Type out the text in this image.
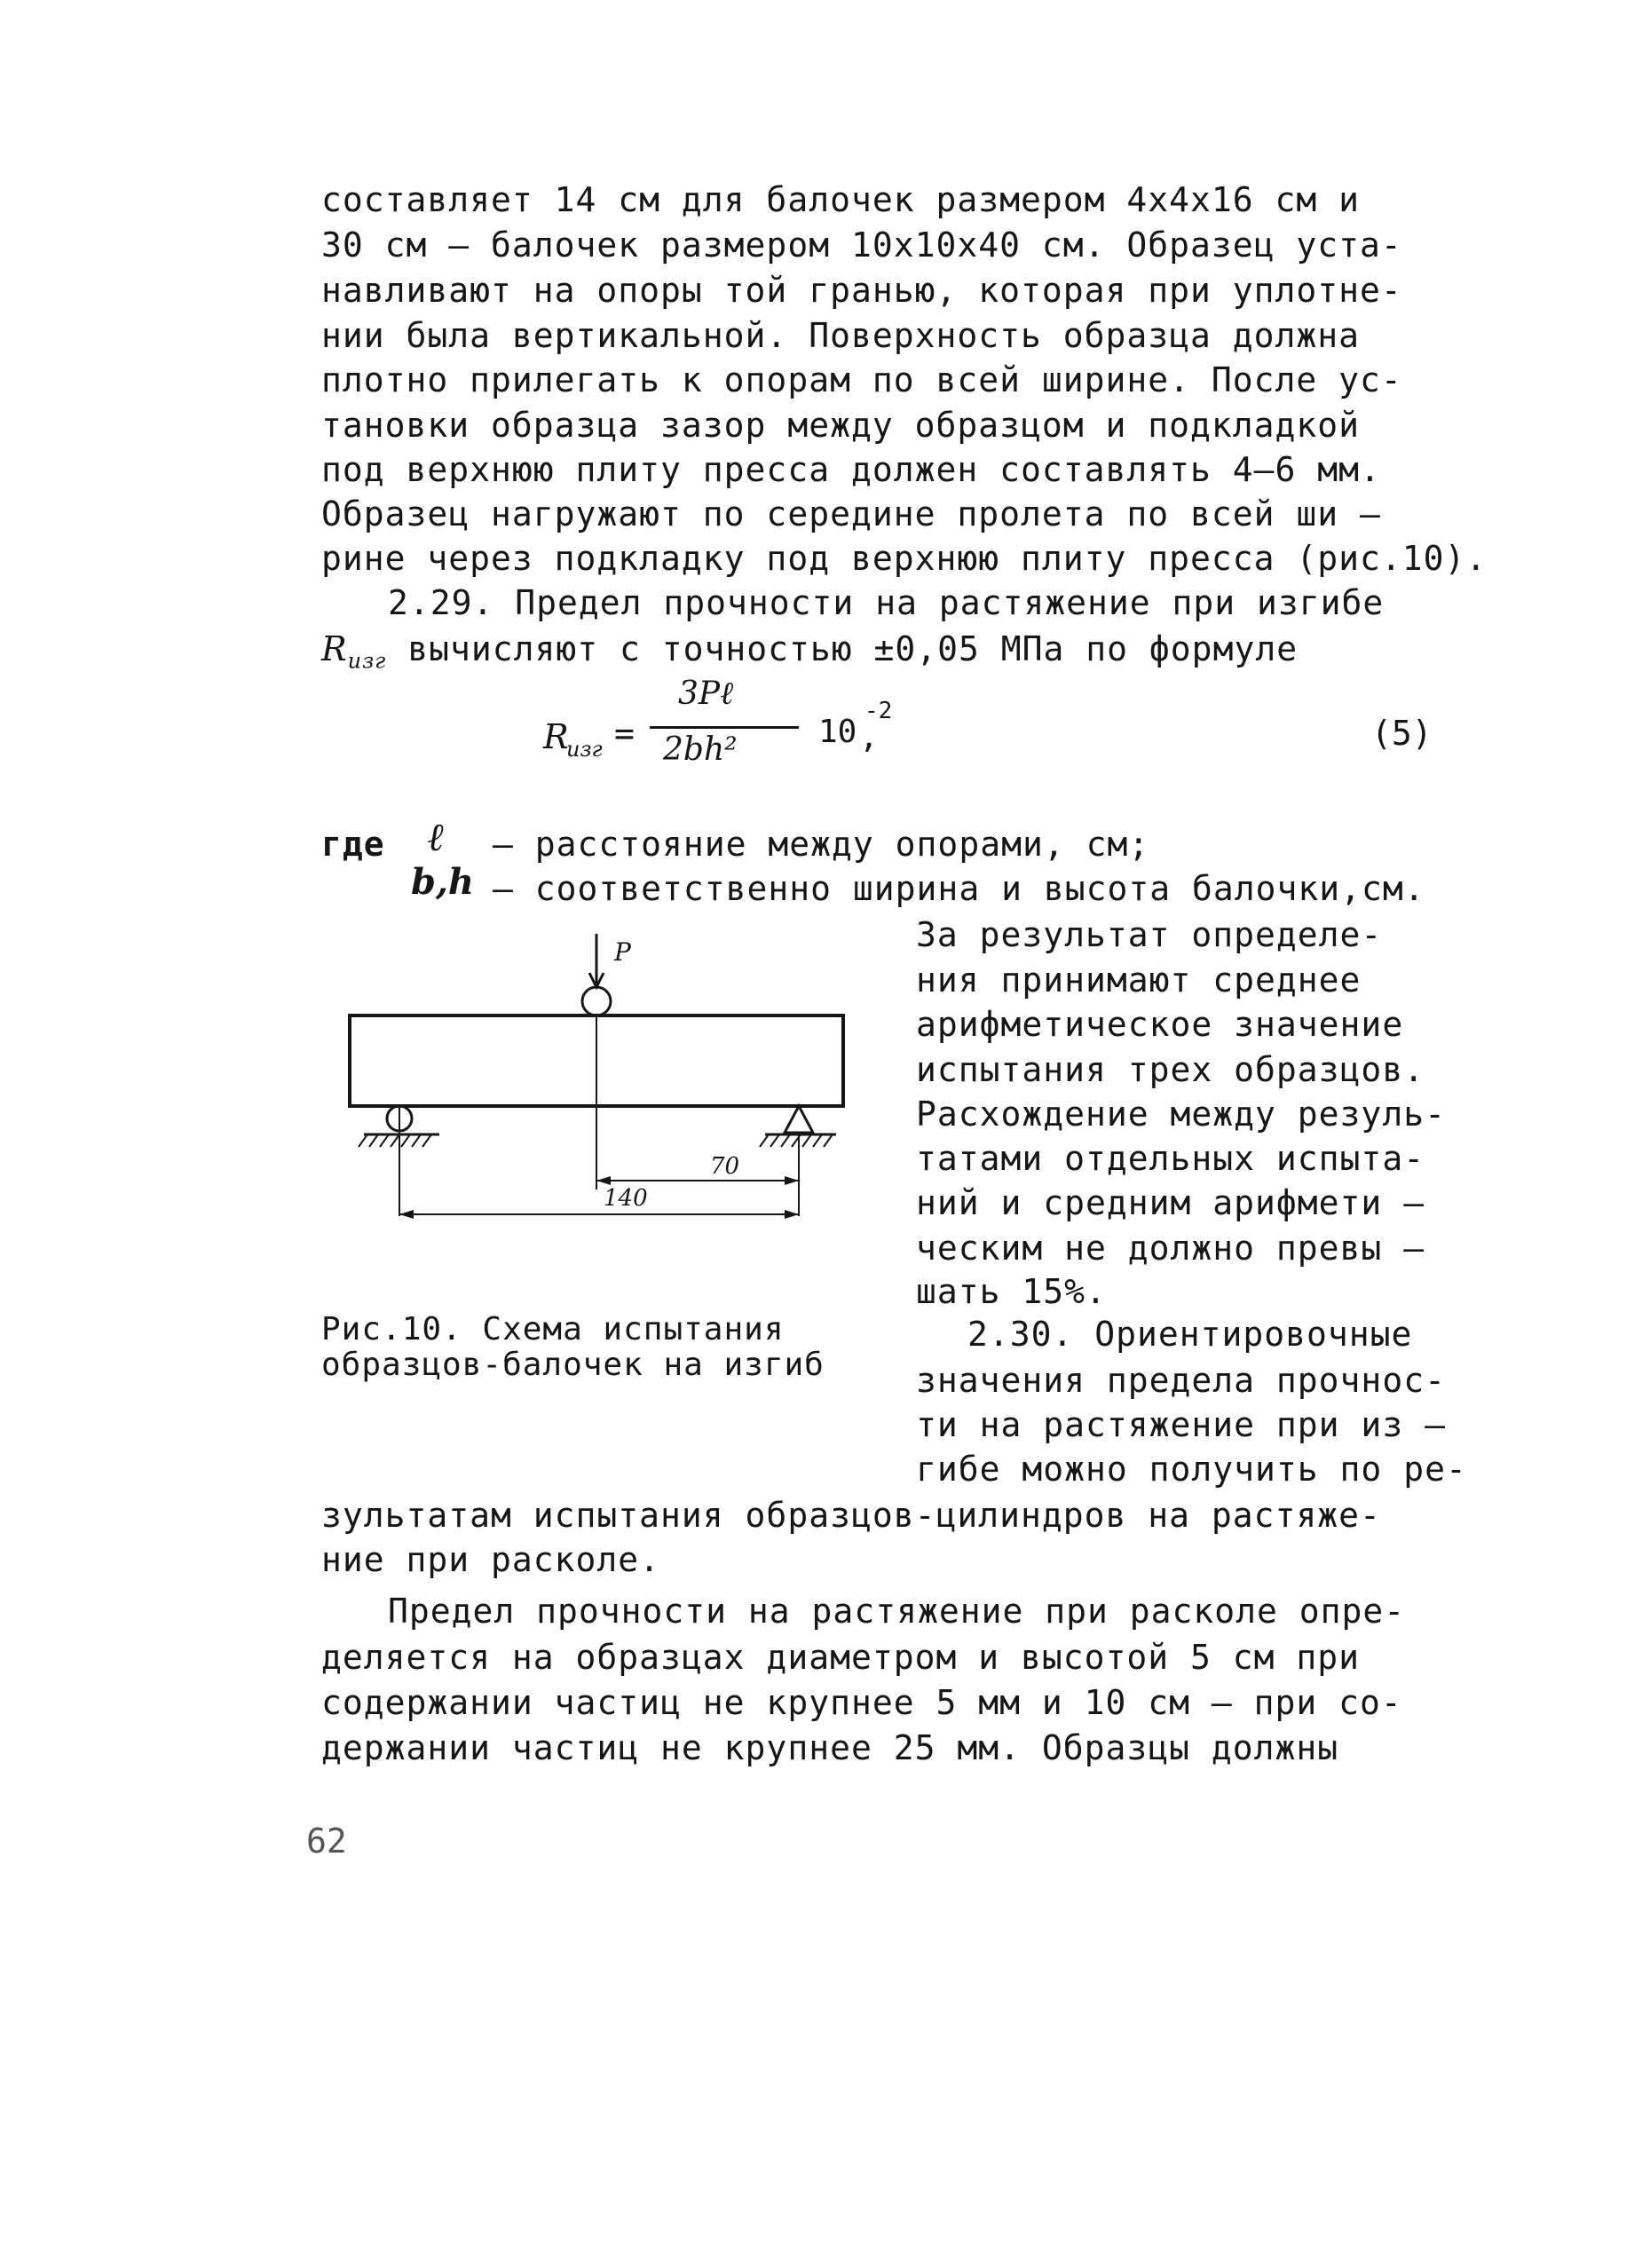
составляет 14 см для балочек размером 4х4х16 см и
30 см – балочек размером 10х10х40 см. Образец уста-
навливают на опоры той гранью, которая при уплотне-
нии была вертикальной. Поверхность образца должна
плотно прилегать к опорам по всей ширине. После ус-
тановки образца зазор между образцом и подкладкой
под верхнюю плиту пресса должен составлять 4–6 мм.
Образец нагружают по середине пролета по всей ши –
рине через подкладку под верхнюю плиту пресса (рис.10).
2.29. Предел прочности на растяжение при изгибе
$R_{изг}$ вычисляют с точностью ±0,05 МПа по формуле
R
изг =
3Pℓ
2bh²	10
-2
,	(5)
где ℓ – расстояние между опорами, см;
b,h – соответственно ширина и высота балочки,см.
За результат определе-
ния принимают среднее
арифметическое значение
испытания трех образцов.
Расхождение между резуль-
татами отдельных испыта-
ний и средним арифмети –
ческим не должно превы –
шать 15%.
2.30. Ориентировочные
значения предела прочнос-
ти на растяжение при из –
гибе можно получить по ре-
P
70
140
Рис.10. Схема испытания
образцов-балочек на изгиб
зультатам испытания образцов-цилиндров на растяже-
ние при расколе.
Предел прочности на растяжение при расколе опре-
деляется на образцах диаметром и высотой 5 см при
содержании частиц не крупнее 5 мм и 10 см – при со-
держании частиц не крупнее 25 мм. Образцы должны
62
